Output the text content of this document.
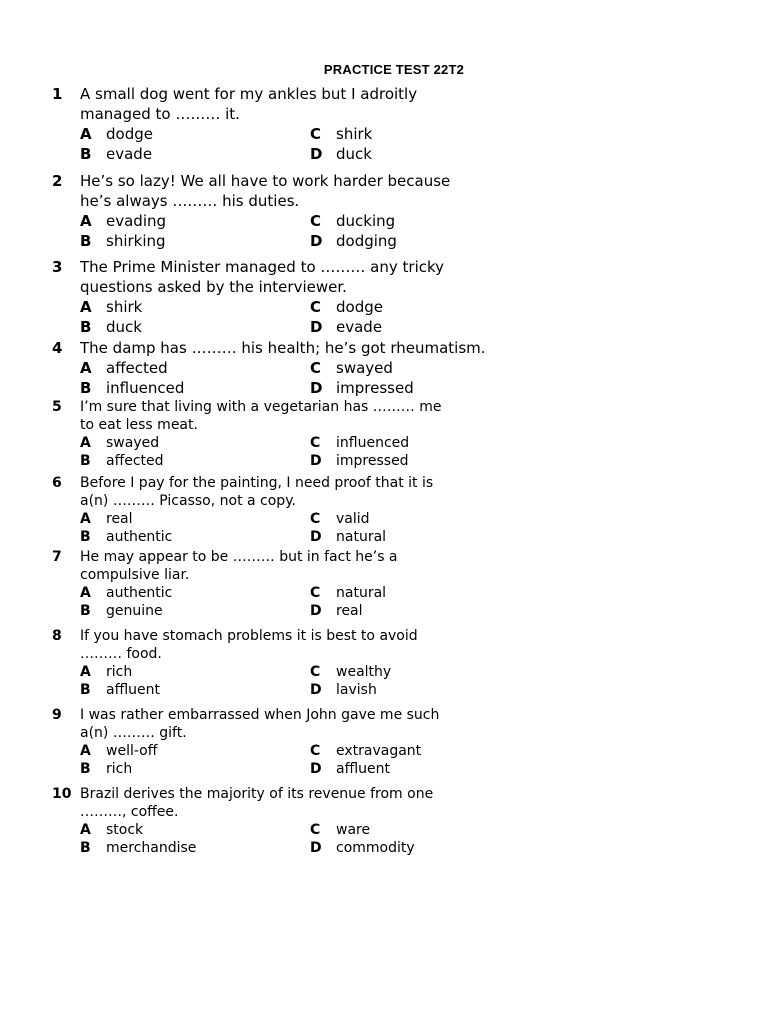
PRACTICE TEST 22T2
1	A small dog went for my ankles but I adroitly
managed to ……… it.
A dodge	C shirk
B evade	D duck
2	He’s so lazy! We all have to work harder because
he’s always ……… his duties.
A evading	C ducking
B shirking	D dodging
3	The Prime Minister managed to ……… any tricky
questions asked by the interviewer.
A shirk	C dodge
B duck	D evade
4	The damp has ……… his health; he’s got rheumatism.
A affected	C swayed
B influenced	D impressed
5	I’m sure that living with a vegetarian has ……… me
to eat less meat.
A	swayed	C	influenced
B	affected	D	impressed
6	Before I pay for the painting, I need proof that it is
a(n) ……… Picasso, not a copy.
A	real	C	valid
B	authentic	D	natural
7	He may appear to be ……… but in fact he’s a
compulsive liar.
A	authentic	C	natural
B	genuine	D	real
8	If you have stomach problems it is best to avoid
……… food.
A	rich	C	wealthy
B	affluent	D	lavish
9	I was rather embarrassed when John gave me such
a(n) ……… gift.
A	well-off	C	extravagant
B	rich	D	affluent
10 Brazil derives the majority of its revenue from one
………, coffee.
A	stock	C	ware
B	merchandise	D	commodity
